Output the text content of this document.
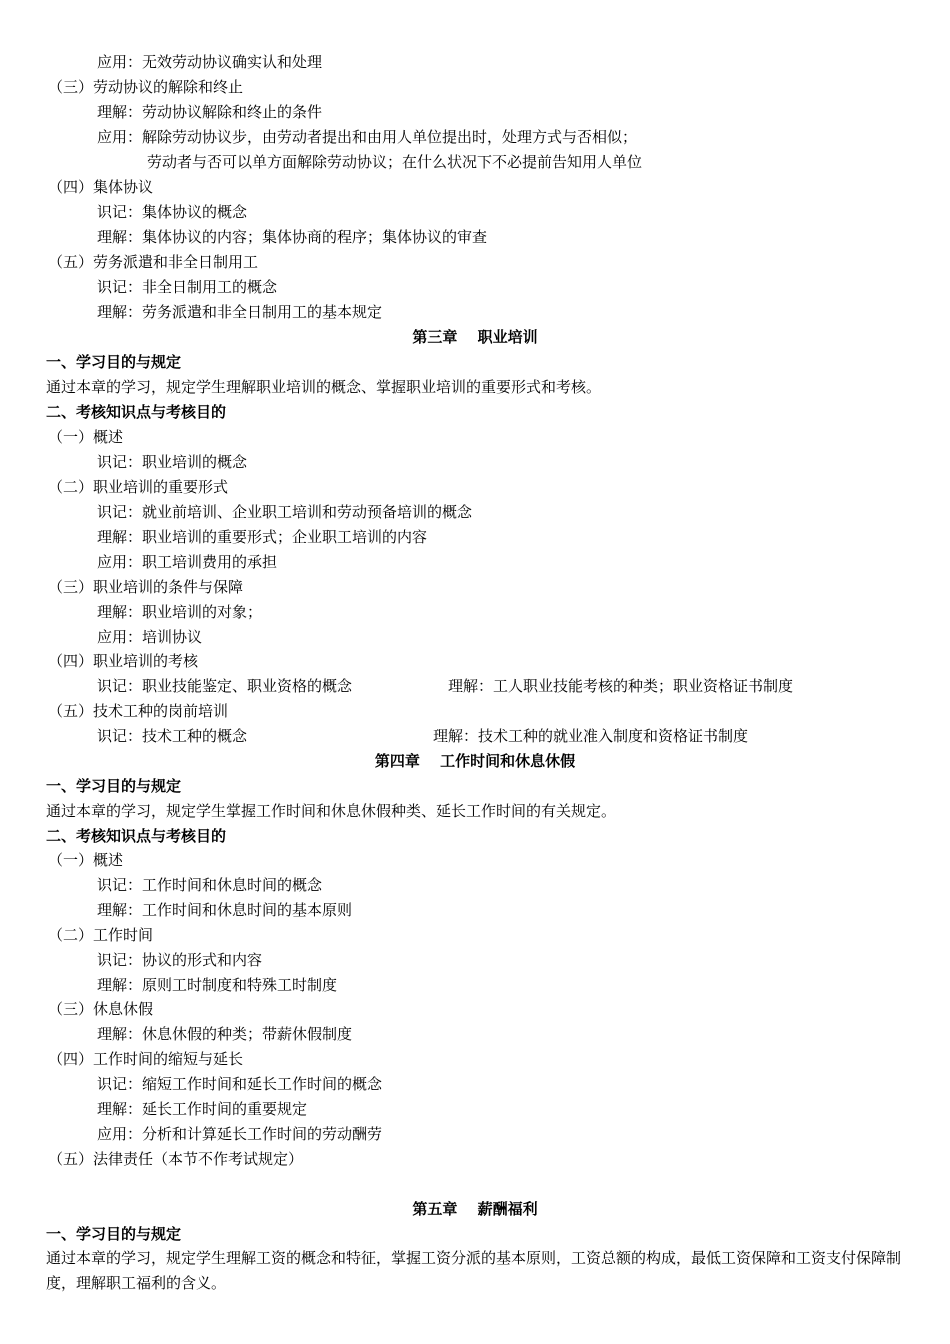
应用：无效劳动协议确实认和处理
（三）劳动协议的解除和终止
理解：劳动协议解除和终止的条件
应用：解除劳动协议步，由劳动者提出和由用人单位提出时，处理方式与否相似；
劳动者与否可以单方面解除劳动协议；在什么状况下不必提前告知用人单位
（四）集体协议
识记：集体协议的概念
理解：集体协议的内容；集体协商的程序；集体协议的审查
（五）劳务派遣和非全日制用工
识记：非全日制用工的概念
理解：劳务派遣和非全日制用工的基本规定
第三章　 职业培训
一、学习目的与规定
通过本章的学习，规定学生理解职业培训的概念、掌握职业培训的重要形式和考核。
二、考核知识点与考核目的
（一）概述
识记：职业培训的概念
（二）职业培训的重要形式
识记：就业前培训、企业职工培训和劳动预备培训的概念
理解：职业培训的重要形式；企业职工培训的内容
应用：职工培训费用的承担
（三）职业培训的条件与保障
理解：职业培训的对象；
应用：培训协议
（四）职业培训的考核
识记：职业技能鉴定、职业资格的概念	理解：工人职业技能考核的种类；职业资格证书制度
（五）技术工种的岗前培训
识记：技术工种的概念	理解：技术工种的就业准入制度和资格证书制度
第四章　 工作时间和休息休假
一、学习目的与规定
通过本章的学习，规定学生掌握工作时间和休息休假种类、延长工作时间的有关规定。
二、考核知识点与考核目的
（一）概述
识记：工作时间和休息时间的概念
理解：工作时间和休息时间的基本原则
（二）工作时间
识记：协议的形式和内容
理解：原则工时制度和特殊工时制度
（三）休息休假
理解：休息休假的种类；带薪休假制度
（四）工作时间的缩短与延长
识记：缩短工作时间和延长工作时间的概念
理解：延长工作时间的重要规定
应用：分析和计算延长工作时间的劳动酬劳
（五）法律责任（本节不作考试规定）
第五章　 薪酬福利
一、学习目的与规定
通过本章的学习，规定学生理解工资的概念和特征，掌握工资分派的基本原则，工资总额的构成，最低工资保障和工资支付保障制度，理解职工福利的含义。
